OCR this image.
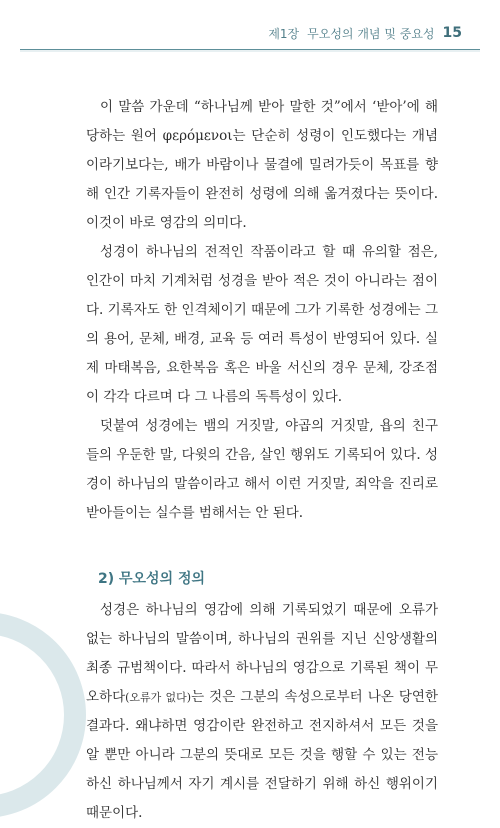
제1장 무오성의 개념 및 중요성 15

이 말씀 가운데 “하나님께 받아 말한 것”에서 ‘받아’에 해당하는 원어 φερόμενοι는 단순히 성령이 인도했다는 개념이라기보다는, 배가 바람이나 물결에 밀려가듯이 목표를 향해 인간 기록자들이 완전히 성령에 의해 옮겨졌다는 뜻이다. 이것이 바로 영감의 의미다.

성경이 하나님의 전적인 작품이라고 할 때 유의할 점은, 인간이 마치 기계처럼 성경을 받아 적은 것이 아니라는 점이다. 기록자도 한 인격체이기 때문에 그가 기록한 성경에는 그의 용어, 문체, 배경, 교육 등 여러 특성이 반영되어 있다. 실제 마태복음, 요한복음 혹은 바울 서신의 경우 문체, 강조점이 각각 다르며 다 그 나름의 독특성이 있다.

덧붙여 성경에는 뱀의 거짓말, 야곱의 거짓말, 욥의 친구들의 우둔한 말, 다윗의 간음, 살인 행위도 기록되어 있다. 성경이 하나님의 말씀이라고 해서 이런 거짓말, 죄악을 진리로 받아들이는 실수를 범해서는 안 된다.

2) 무오성의 정의

성경은 하나님의 영감에 의해 기록되었기 때문에 오류가 없는 하나님의 말씀이며, 하나님의 권위를 지닌 신앙생활의 최종 규범책이다. 따라서 하나님의 영감으로 기록된 책이 무오하다(오류가 없다)는 것은 그분의 속성으로부터 나온 당연한 결과다. 왜냐하면 영감이란 완전하고 전지하셔서 모든 것을 알 뿐만 아니라 그분의 뜻대로 모든 것을 행할 수 있는 전능하신 하나님께서 자기 계시를 전달하기 위해 하신 행위이기 때문이다.
